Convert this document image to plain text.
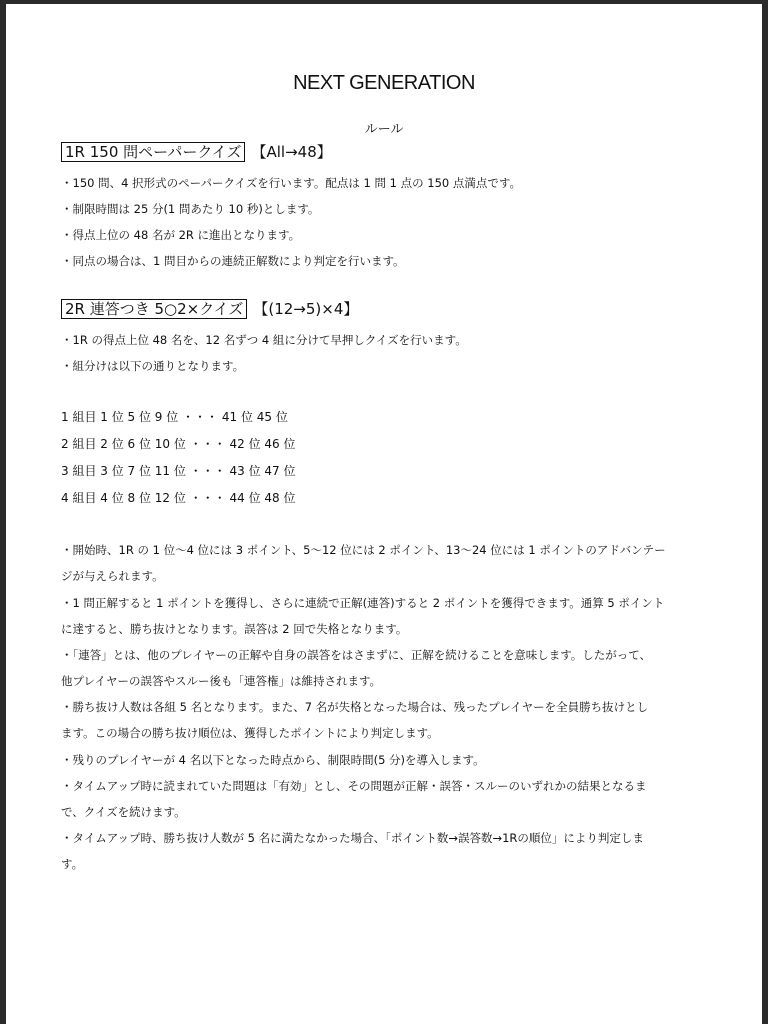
NEXT GENERATION
ルール
1R 150 問ペーパークイズ 【All→48】
・150 問、4 択形式のペーパークイズを行います。配点は 1 問 1 点の 150 点満点です。
・制限時間は 25 分(1 問あたり 10 秒)とします。
・得点上位の 48 名が 2R に進出となります。
・同点の場合は、1 問目からの連続正解数により判定を行います。
2R 連答つき 5○2×クイズ 【(12→5)×4】
・1R の得点上位 48 名を、12 名ずつ 4 組に分けて早押しクイズを行います。
・組分けは以下の通りとなります。
1 組目 1 位 5 位 9 位 ・・・ 41 位 45 位
2 組目 2 位 6 位 10 位 ・・・ 42 位 46 位
3 組目 3 位 7 位 11 位 ・・・ 43 位 47 位
4 組目 4 位 8 位 12 位 ・・・ 44 位 48 位
・開始時、1R の 1 位～4 位には 3 ポイント、5～12 位には 2 ポイント、13～24 位には 1 ポイントのアドバンテー
ジが与えられます。
・1 問正解すると 1 ポイントを獲得し、さらに連続で正解(連答)すると 2 ポイントを獲得できます。通算 5 ポイント
に達すると、勝ち抜けとなります。誤答は 2 回で失格となります。
・「連答」とは、他のプレイヤーの正解や自身の誤答をはさまずに、正解を続けることを意味します。したがって、
他プレイヤーの誤答やスルー後も「連答権」は維持されます。
・勝ち抜け人数は各組 5 名となります。また、7 名が失格となった場合は、残ったプレイヤーを全員勝ち抜けとし
ます。この場合の勝ち抜け順位は、獲得したポイントにより判定します。
・残りのプレイヤーが 4 名以下となった時点から、制限時間(5 分)を導入します。
・タイムアップ時に読まれていた問題は「有効」とし、その問題が正解・誤答・スルーのいずれかの結果となるま
で、クイズを続けます。
・タイムアップ時、勝ち抜け人数が 5 名に満たなかった場合、「ポイント数→誤答数→1Rの順位」により判定しま
す。
